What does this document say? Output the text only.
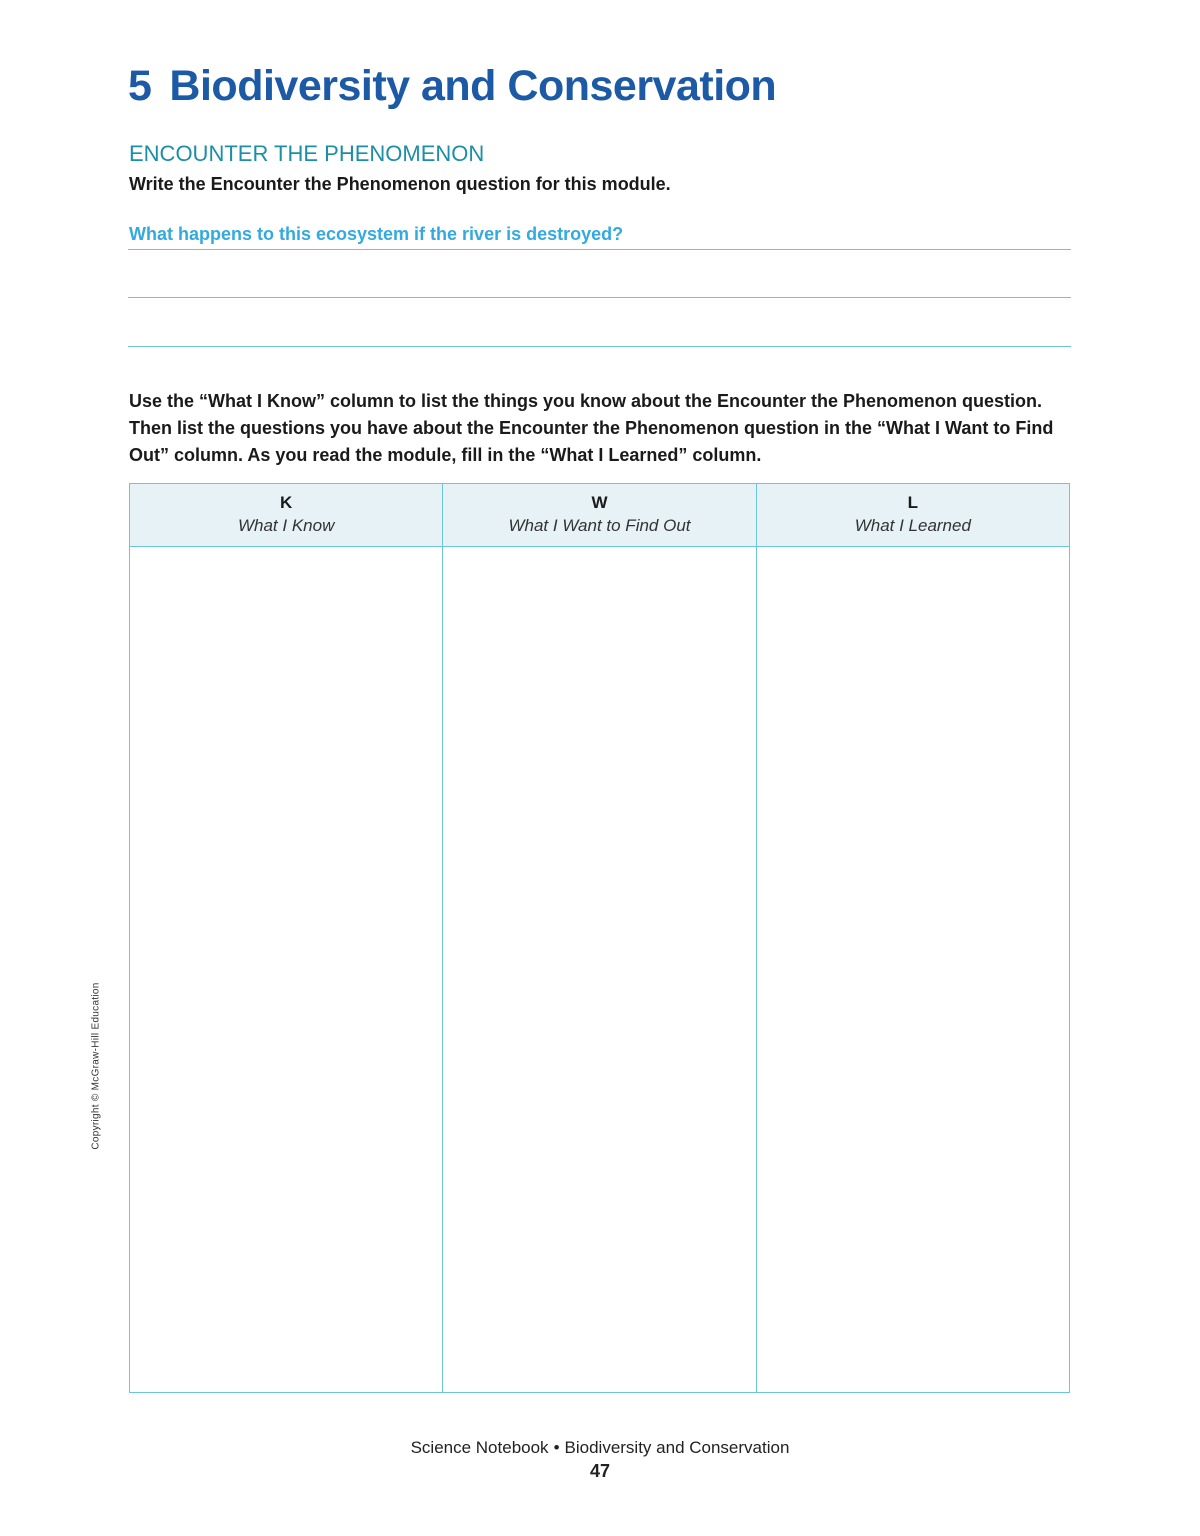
5 Biodiversity and Conservation
ENCOUNTER THE PHENOMENON

Write the Encounter the Phenomenon question for this module.

What happens to this ecosystem if the river is destroyed?

Use the “What I Know” column to list the things you know about the Encounter the Phenomenon question. Then list the questions you have about the Encounter the Phenomenon question in the “What I Want to Find Out” column. As you read the module, fill in the “What I Learned” column.

K
What I Know
W
What I Want to Find Out
L
What I Learned
Copyright © McGraw-Hill Education
Science Notebook • Biodiversity and Conservation
47
